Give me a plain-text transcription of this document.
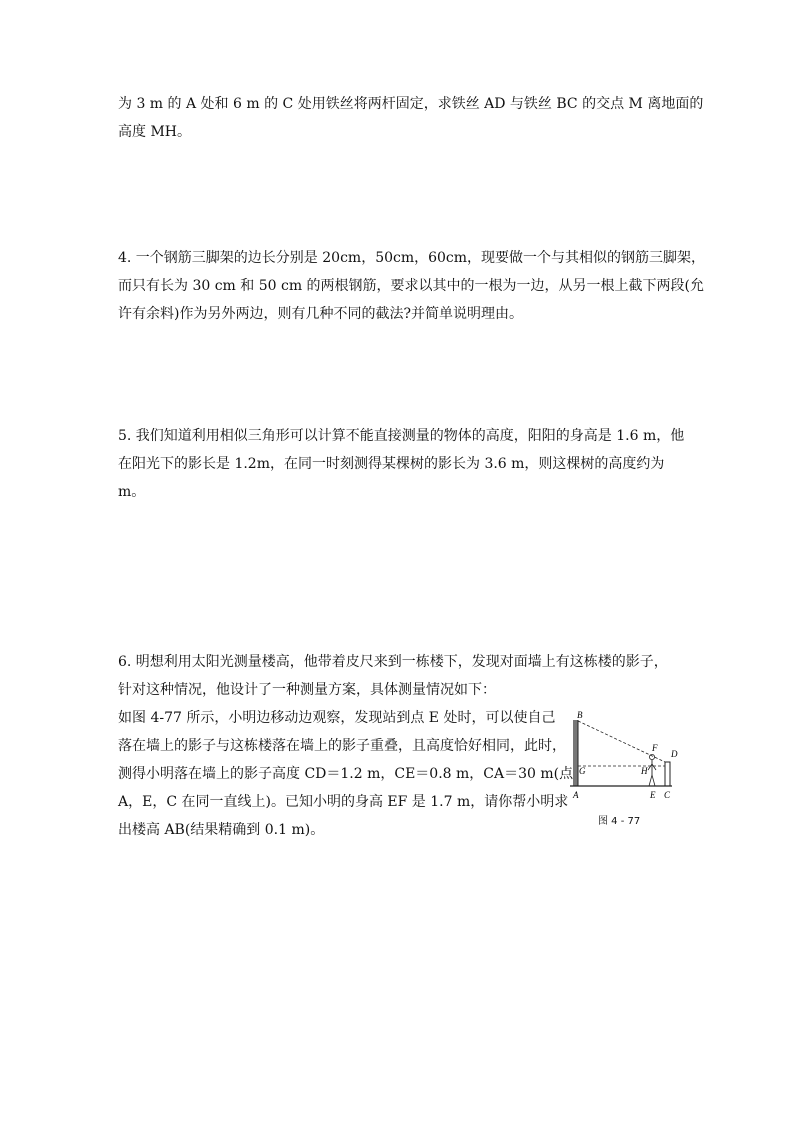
为 3 m 的 A 处和 6 m 的 C 处用铁丝将两杆固定，求铁丝 AD 与铁丝 BC 的交点 M 离地面的
高度 MH。
4. 一个钢筋三脚架的边长分别是 20cm，50cm，60cm，现要做一个与其相似的钢筋三脚架，
而只有长为 30 cm 和 50 cm 的两根钢筋，要求以其中的一根为一边，从另一根上截下两段(允
许有余料)作为另外两边，则有几种不同的截法?并简单说明理由。
5. 我们知道利用相似三角形可以计算不能直接测量的物体的高度，阳阳的身高是 1.6 m，他
在阳光下的影长是 1.2m，在同一时刻测得某棵树的影长为 3.6 m，则这棵树的高度约为
m。
6. 明想利用太阳光测量楼高，他带着皮尺来到一栋楼下，发现对面墙上有这栋楼的影子，
针对这种情况，他设计了一种测量方案，具体测量情况如下：
如图 4-77 所示，小明边移动边观察，发现站到点 E 处时，可以使自己
落在墙上的影子与这栋楼落在墙上的影子重叠，且高度恰好相同，此时，
测得小明落在墙上的影子高度 CD＝1.2 m，CE＝0.8 m，CA＝30 m(点
A，E，C 在同一直线上)。已知小明的身高 EF 是 1.7 m，请你帮小明求
出楼高 AB(结果精确到 0.1 m)。
B
F
D
G	H
A	E C
图 4 - 77
